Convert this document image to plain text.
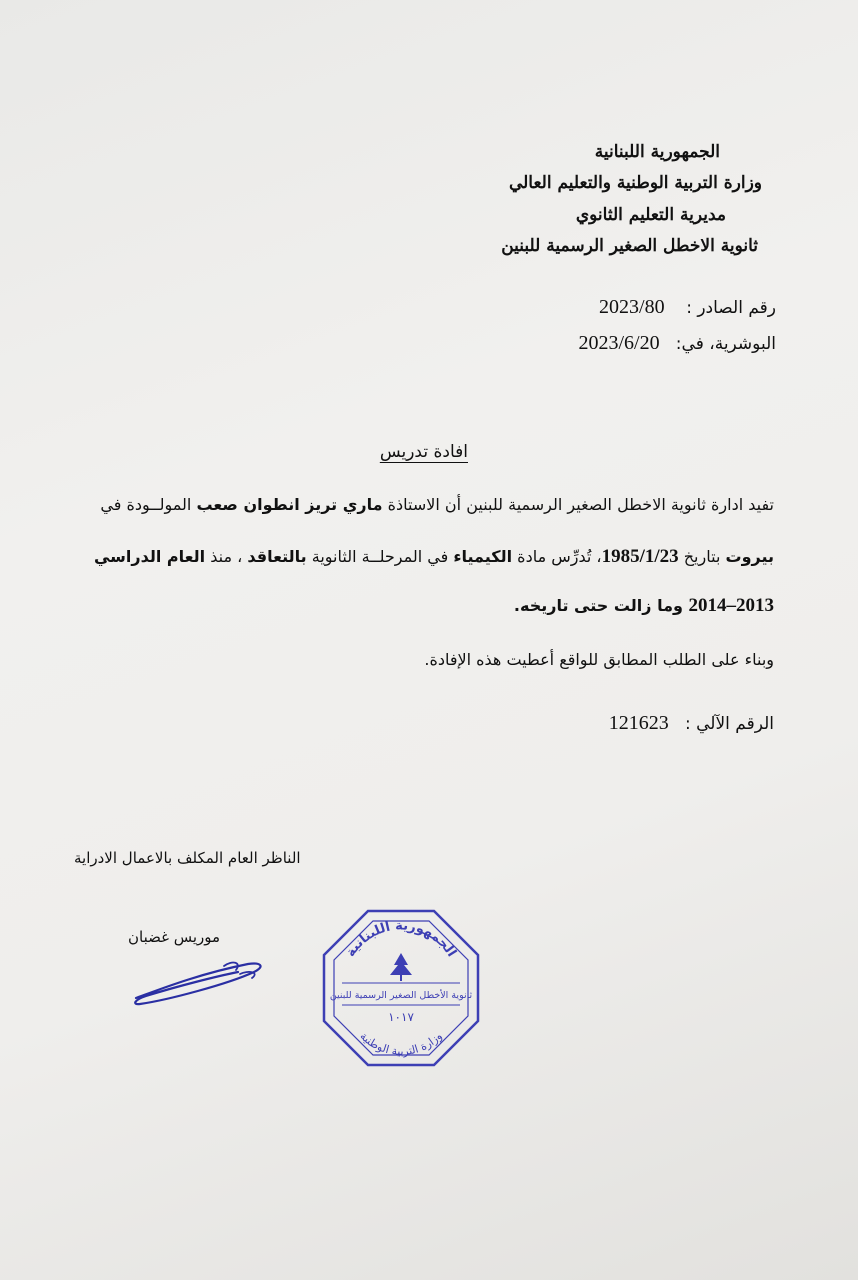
الجمهورية اللبنانية
وزارة التربية الوطنية والتعليم العالي
مديرية التعليم الثانوي
ثانوية الاخطل الصغير الرسمية للبنين
رقم الصادر :    2023/80
البوشرية، في:   2023/6/20
افادة تدريس
تفيد ادارة ثانوية الاخطل الصغير الرسمية للبنين أن الاستاذة ماري تريز انطوان صعب المولــودة في
بيروت بتاريخ 1985/1/23، تُدرِّس مادة الكيمياء في المرحلــة الثانوية بالتعاقد ، منذ العام الدراسي
2013–2014 وما زالت حتى تاريخه.
وبناء على الطلب المطابق للواقع أعطيت هذه الإفادة.
الرقم الآلي :   121623
الناظر العام المكلف بالاعمال الادراية
موريس غضبان
الجمهورية اللبنانية
ثانوية الأخطل الصغير الرسمية للبنين
١٠١٧
وزارة التربية الوطنية
